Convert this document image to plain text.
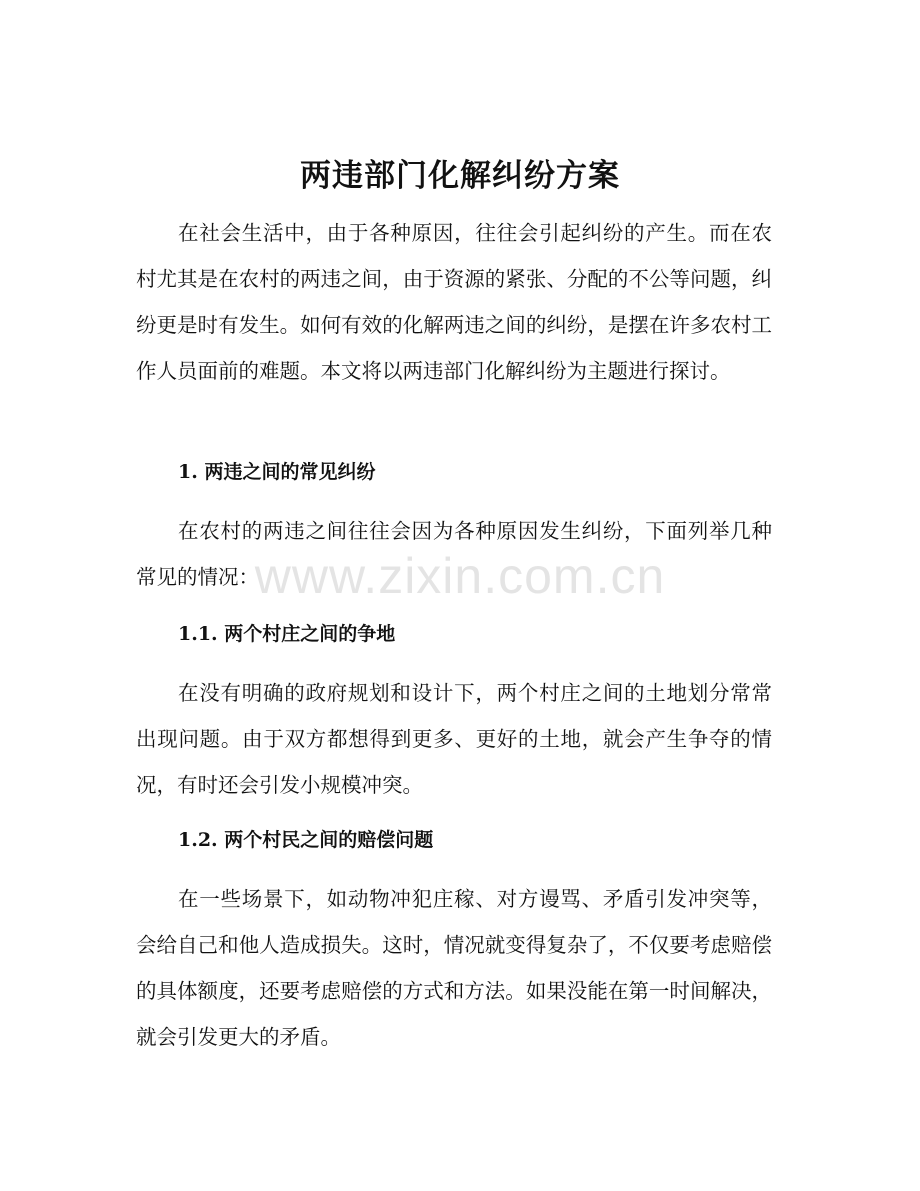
两违部门化解纠纷方案

在社会生活中，由于各种原因，往往会引起纠纷的产生。而在农村尤其是在农村的两违之间，由于资源的紧张、分配的不公等问题，纠纷更是时有发生。如何有效的化解两违之间的纠纷，是摆在许多农村工作人员面前的难题。本文将以两违部门化解纠纷为主题进行探讨。

1. 两违之间的常见纠纷

在农村的两违之间往往会因为各种原因发生纠纷，下面列举几种常见的情况：

1.1. 两个村庄之间的争地

在没有明确的政府规划和设计下，两个村庄之间的土地划分常常出现问题。由于双方都想得到更多、更好的土地，就会产生争夺的情况，有时还会引发小规模冲突。

1.2. 两个村民之间的赔偿问题

在一些场景下，如动物冲犯庄稼、对方谩骂、矛盾引发冲突等，会给自己和他人造成损失。这时，情况就变得复杂了，不仅要考虑赔偿的具体额度，还要考虑赔偿的方式和方法。如果没能在第一时间解决，就会引发更大的矛盾。

www.zixin.com.cn
